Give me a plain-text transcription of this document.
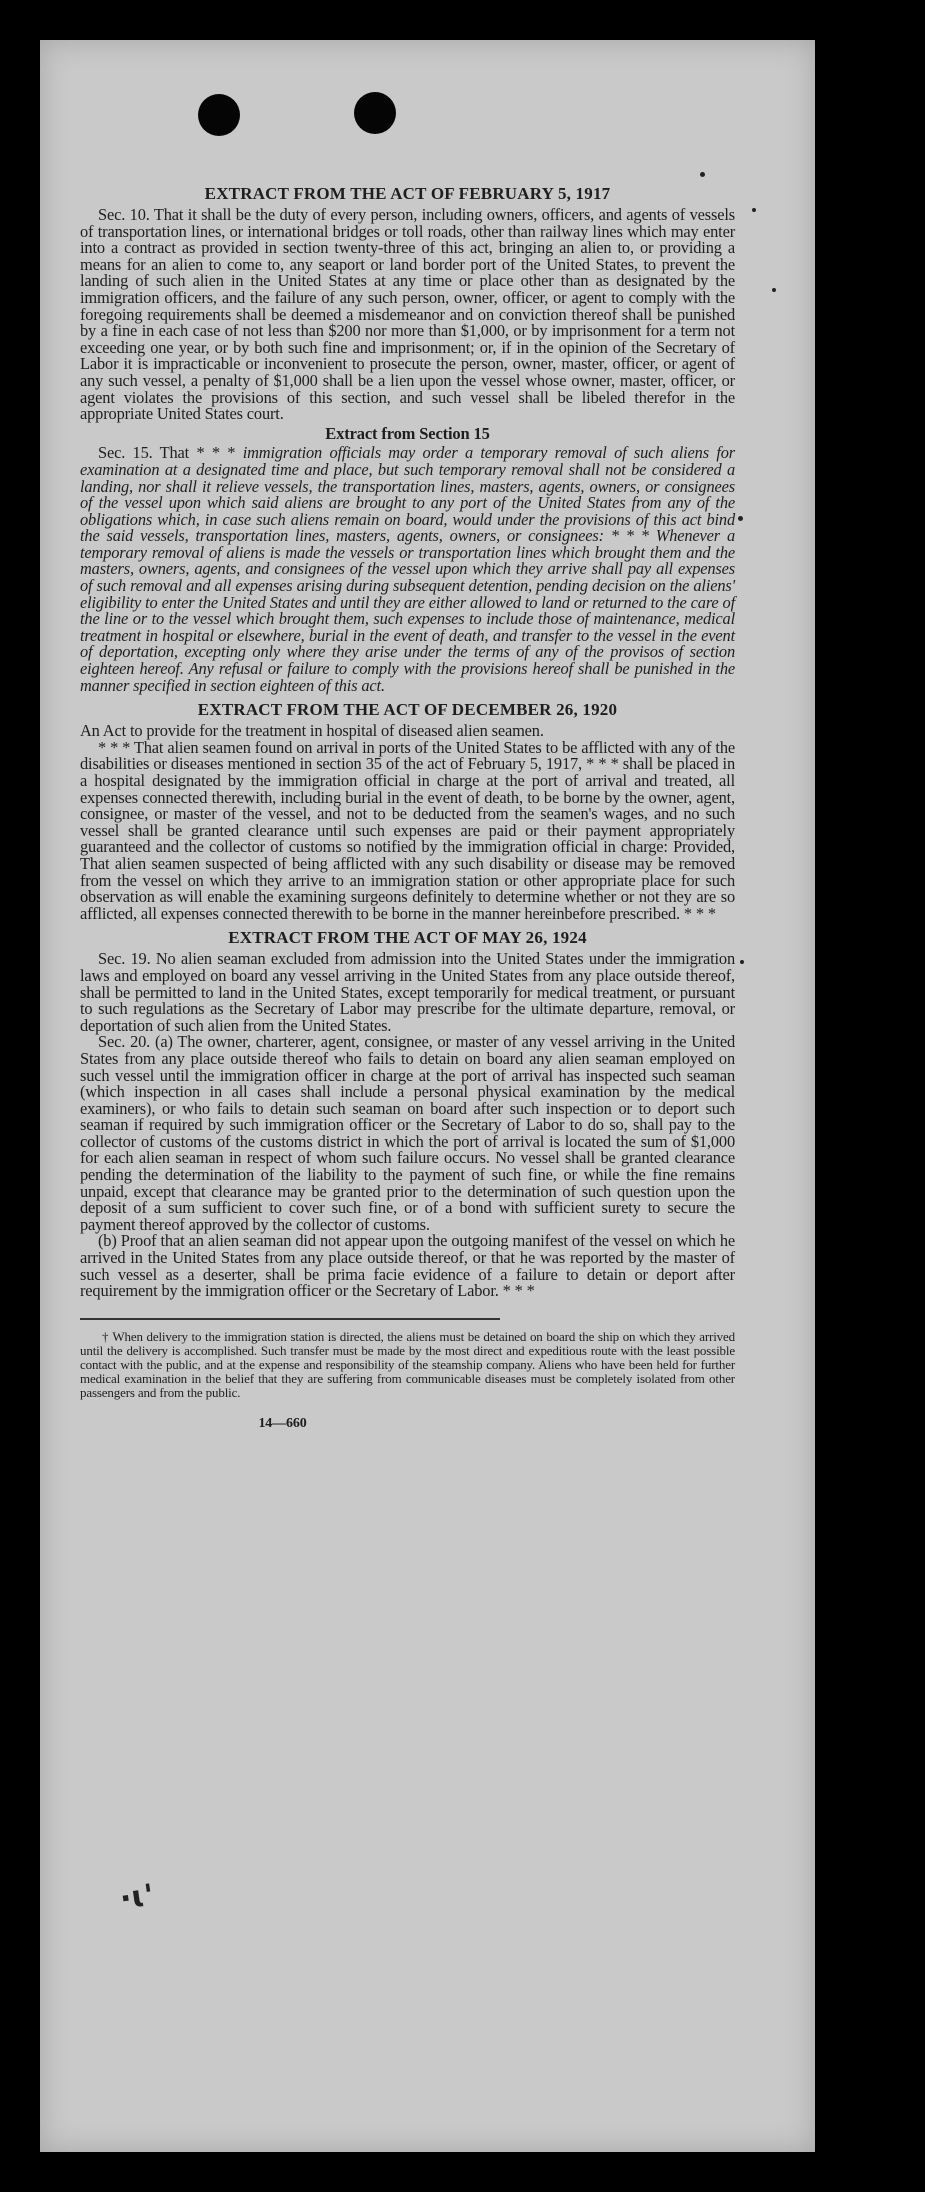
·ɩꞌ
EXTRACT FROM THE ACT OF FEBRUARY 5, 1917

Sec. 10. That it shall be the duty of every person, including owners, officers, and agents of vessels of transportation lines, or international bridges or toll roads, other than railway lines which may enter into a contract as provided in section twenty-three of this act, bringing an alien to, or providing a means for an alien to come to, any seaport or land border port of the United States, to prevent the landing of such alien in the United States at any time or place other than as designated by the immigration officers, and the failure of any such person, owner, officer, or agent to comply with the foregoing requirements shall be deemed a misdemeanor and on conviction thereof shall be punished by a fine in each case of not less than $200 nor more than $1,000, or by imprisonment for a term not exceeding one year, or by both such fine and imprisonment; or, if in the opinion of the Secretary of Labor it is impracticable or inconvenient to prosecute the person, owner, master, officer, or agent of any such vessel, a penalty of $1,000 shall be a lien upon the vessel whose owner, master, officer, or agent violates the provisions of this section, and such vessel shall be libeled therefor in the appropriate United States court.

Extract from Section 15

Sec. 15. That * * * immigration officials may order a temporary removal of such aliens for examination at a designated time and place, but such temporary removal shall not be considered a landing, nor shall it relieve vessels, the transportation lines, masters, agents, owners, or consignees of the vessel upon which said aliens are brought to any port of the United States from any of the obligations which, in case such aliens remain on board, would under the provisions of this act bind the said vessels, transportation lines, masters, agents, owners, or consignees: * * * Whenever a temporary removal of aliens is made the vessels or transportation lines which brought them and the masters, owners, agents, and consignees of the vessel upon which they arrive shall pay all expenses of such removal and all expenses arising during subsequent detention, pending decision on the aliens' eligibility to enter the United States and until they are either allowed to land or returned to the care of the line or to the vessel which brought them, such expenses to include those of maintenance, medical treatment in hospital or elsewhere, burial in the event of death, and transfer to the vessel in the event of deportation, excepting only where they arise under the terms of any of the provisos of section eighteen hereof. Any refusal or failure to comply with the provisions hereof shall be punished in the manner specified in section eighteen of this act.

EXTRACT FROM THE ACT OF DECEMBER 26, 1920

An Act to provide for the treatment in hospital of diseased alien seamen.

* * * That alien seamen found on arrival in ports of the United States to be afflicted with any of the disabilities or diseases mentioned in section 35 of the act of February 5, 1917, * * * shall be placed in a hospital designated by the immigration official in charge at the port of arrival and treated, all expenses connected therewith, including burial in the event of death, to be borne by the owner, agent, consignee, or master of the vessel, and not to be deducted from the seamen's wages, and no such vessel shall be granted clearance until such expenses are paid or their payment appropriately guaranteed and the collector of customs so notified by the immigration official in charge: Provided, That alien seamen suspected of being afflicted with any such disability or disease may be removed from the vessel on which they arrive to an immigration station or other appropriate place for such observation as will enable the examining surgeons definitely to determine whether or not they are so afflicted, all expenses connected therewith to be borne in the manner hereinbefore prescribed. * * *

EXTRACT FROM THE ACT OF MAY 26, 1924

Sec. 19. No alien seaman excluded from admission into the United States under the immigration laws and employed on board any vessel arriving in the United States from any place outside thereof, shall be permitted to land in the United States, except temporarily for medical treatment, or pursuant to such regulations as the Secretary of Labor may prescribe for the ultimate departure, removal, or deportation of such alien from the United States.

Sec. 20. (a) The owner, charterer, agent, consignee, or master of any vessel arriving in the United States from any place outside thereof who fails to detain on board any alien seaman employed on such vessel until the immigration officer in charge at the port of arrival has inspected such seaman (which inspection in all cases shall include a personal physical examination by the medical examiners), or who fails to detain such seaman on board after such inspection or to deport such seaman if required by such immigration officer or the Secretary of Labor to do so, shall pay to the collector of customs of the customs district in which the port of arrival is located the sum of $1,000 for each alien seaman in respect of whom such failure occurs. No vessel shall be granted clearance pending the determination of the liability to the payment of such fine, or while the fine remains unpaid, except that clearance may be granted prior to the determination of such question upon the deposit of a sum sufficient to cover such fine, or of a bond with sufficient surety to secure the payment thereof approved by the collector of customs.

(b) Proof that an alien seaman did not appear upon the outgoing manifest of the vessel on which he arrived in the United States from any place outside thereof, or that he was reported by the master of such vessel as a deserter, shall be prima facie evidence of a failure to detain or deport after requirement by the immigration officer or the Secretary of Labor. * * *

† When delivery to the immigration station is directed, the aliens must be detained on board the ship on which they arrived until the delivery is accomplished. Such transfer must be made by the most direct and expeditious route with the least possible contact with the public, and at the expense and responsibility of the steamship company. Aliens who have been held for further medical examination in the belief that they are suffering from communicable diseases must be completely isolated from other passengers and from the public.
14—660
